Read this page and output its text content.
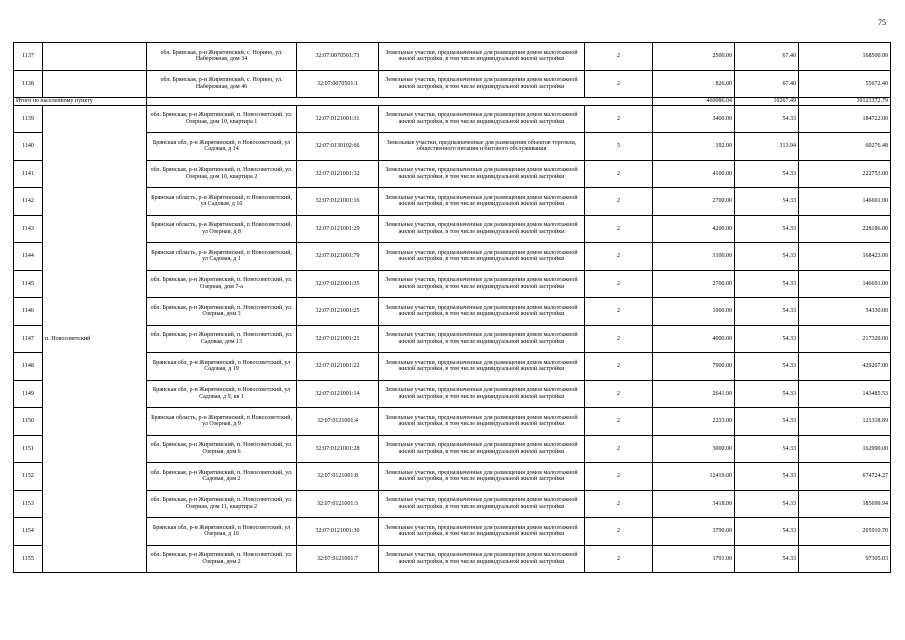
75
1137		обл. Брянская, р-н Жирятинский, с. Норино, ул. Набережная, дом 34	32:07:0070501:73	Земельные участки, предназначенные для размещения домов малоэтажной жилой застройки, в том числе индивидуальной жилой застройки	2	2500.00	67.40	168500.00
1138		обл. Брянская, р-н Жирятинский, с. Норино, ул. Набережная, дом 46	32:07:0070501:1	Земельные участки, предназначенные для размещения домов малоэтажной жилой застройки, в том числе индивидуальной жилой застройки	2	826.00	67.40	55672.40
Итого по населенному пункту						460086.04	10267.49	39123372.79
1139	п. Новосоветский	обл. Брянская, р-н Жирятинский, п. Новосоветский, ул. Озерная, дом 10, квартира 1	32:07:0121001:31	Земельные участки, предназначенные для размещения домов малоэтажной жилой застройки, в том числе индивидуальной жилой застройки	2	3400.00	54.33	184722.00
1140		Брянская обл, р-н Жирятинский, п Новосоветский, ул Садовая, д 14	32:07:0130102:66	Земельные участки, предназначенные для размещения объектов торговли, общественного питания и бытового обслуживания	5	192.00	313.94	60276.48
1141		обл. Брянская, р-н Жирятинский, п. Новосоветский, ул. Озерная, дом 10, квартира 2	32:07:0121001:32	Земельные участки, предназначенные для размещения домов малоэтажной жилой застройки, в том числе индивидуальной жилой застройки	2	4100.00	54.33	222753.00
1142		Брянская область, р-н Жирятинский, п Новосоветский, ул Садовая, д 10	32:07:0121001:16	Земельные участки, предназначенные для размещения домов малоэтажной жилой застройки, в том числе индивидуальной жилой застройки	2	2700.00	54.33	146691.00
1143		Брянская область, р-н Жирятинский, п Новосоветский, ул Озерная, д 8	32:07:0121001:29	Земельные участки, предназначенные для размещения домов малоэтажной жилой застройки, в том числе индивидуальной жилой застройки	2	4200.00	54.33	228186.00
1144		Брянская область, р-н Жирятинский, п Новосоветский, ул Садовая, д 1	32:07:0121001:79	Земельные участки, предназначенные для размещения домов малоэтажной жилой застройки, в том числе индивидуальной жилой застройки	2	3100.00	54.33	168423.00
1145		обл. Брянская, р-н Жирятинский, п. Новосоветский, ул. Озерная, дом 7-а	32:07:0121001:35	Земельные участки, предназначенные для размещения домов малоэтажной жилой застройки, в том числе индивидуальной жилой застройки	2	2700.00	54.33	146691.00
1146		обл. Брянская, р-н Жирятинский, п. Новосоветский, ул. Озерная, дом 3	32:07:0121001:25	Земельные участки, предназначенные для размещения домов малоэтажной жилой застройки, в том числе индивидуальной жилой застройки	2	1000.00	54.33	54330.00
1147		обл. Брянская, р-н Жирятинский, п. Новосоветский, ул. Садовая, дом 13	32:07:0121001:21	Земельные участки, предназначенные для размещения домов малоэтажной жилой застройки, в том числе индивидуальной жилой застройки	2	4000.00	54.33	217320.00
1148		Брянская обл, р-н Жирятинский, п Новосоветский, ул Садовая, д 19	32:07:0121001:22	Земельные участки, предназначенные для размещения домов малоэтажной жилой застройки, в том числе индивидуальной жилой застройки	2	7900.00	54.33	429207.00
1149		Брянская обл, р-н Жирятинский, п Новосоветский, ул Садовая, д 9, кв 1	32:07:0121001:14	Земельные участки, предназначенные для размещения домов малоэтажной жилой застройки, в том числе индивидуальной жилой застройки	2	2641.00	54.33	143485.53
1150		Брянская область, р-н Жирятинский, п Новосоветский, ул Озерная, д 9	32:07:0121001:4	Земельные участки, предназначенные для размещения домов малоэтажной жилой застройки, в том числе индивидуальной жилой застройки	2	2233.00	54.33	121318.89
1151		обл. Брянская, р-н Жирятинский, п. Новосоветский, ул. Озерная, дом 6	32:07:0121001:28	Земельные участки, предназначенные для размещения домов малоэтажной жилой застройки, в том числе индивидуальной жилой застройки	2	3000.00	54.33	162990.00
1152		обл. Брянская, р-н Жирятинский, п. Новосоветский, ул. Садовая, дом 2	32:07:0121001:8	Земельные участки, предназначенные для размещения домов малоэтажной жилой застройки, в том числе индивидуальной жилой застройки	2	12419.00	54.33	674724.27
1153		обл. Брянская, р-н Жирятинский, п. Новосоветский, ул. Озерная, дом 11, квартира 2	32:07:0121001:3	Земельные участки, предназначенные для размещения домов малоэтажной жилой застройки, в том числе индивидуальной жилой застройки	2	3418.00	54.33	185699.94
1154		Брянская обл, р-н Жирятинский, п Новосоветский, ул Озерная, д 10	32:07:0121001:30	Земельные участки, предназначенные для размещения домов малоэтажной жилой застройки, в том числе индивидуальной жилой застройки	2	3790.00	54.33	205910.70
1155		обл. Брянская, р-н Жирятинский, п. Новосоветский, ул. Озерная, дом 2	32:07:0121001:7	Земельные участки, предназначенные для размещения домов малоэтажной жилой застройки, в том числе индивидуальной жилой застройки	2	1791.00	54.33	97305.03
